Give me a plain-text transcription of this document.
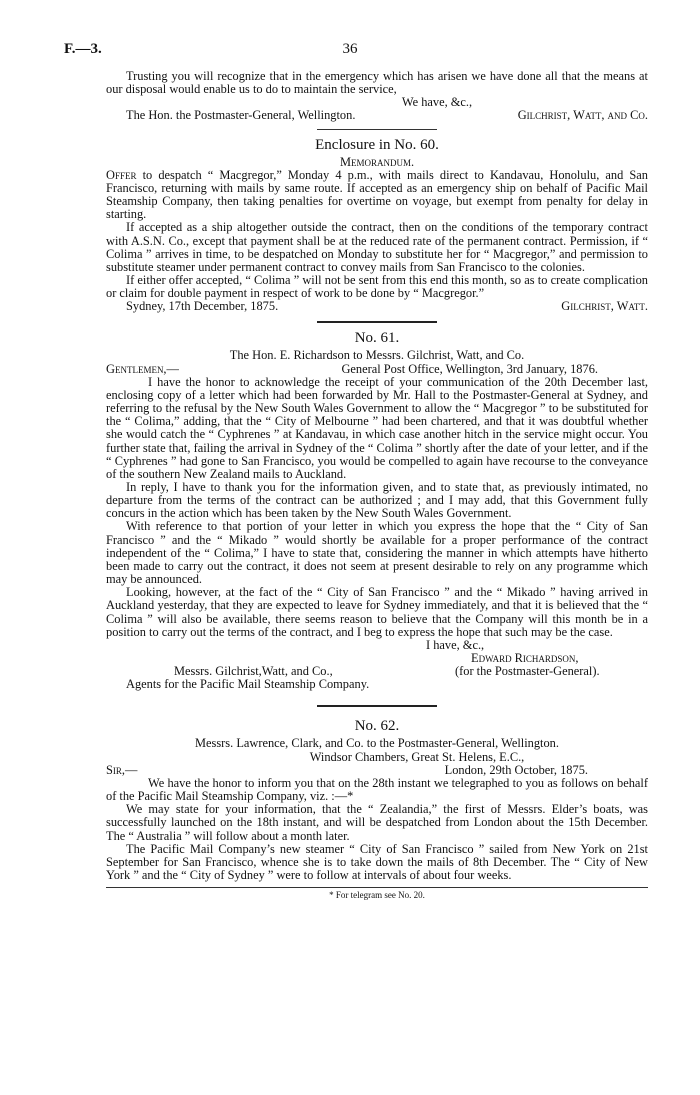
F.—3.	36

Trusting you will recognize that in the emergency which has arisen we have done all that the means at our disposal would enable us to do to maintain the service,

We have, &c.,
The Hon. the Postmaster-General, Wellington.	Gilchrist, Watt, and Co.
Enclosure in No. 60.
Memorandum.

Offer to despatch “ Macgregor,” Monday 4 p.m., with mails direct to Kandavau, Honolulu, and San Francisco, returning with mails by same route. If accepted as an emergency ship on behalf of Pacific Mail Steamship Company, then taking penalties for overtime on voyage, but exempt from penalty for delay in starting.

If accepted as a ship altogether outside the contract, then on the conditions of the temporary contract with A.S.N. Co., except that payment shall be at the reduced rate of the permanent contract. Permission, if “ Colima ” arrives in time, to be despatched on Monday to substitute her for “ Macgregor,” and permission to substitute steamer under permanent contract to convey mails from San Francisco to the colonies.

If either offer accepted, “ Colima ” will not be sent from this end this month, so as to create complication or claim for double payment in respect of work to be done by “ Macgregor.”

Sydney, 17th December, 1875.	Gilchrist, Watt.
No. 61.
The Hon. E. Richardson to Messrs. Gilchrist, Watt, and Co.
Gentlemen,—	General Post Office, Wellington, 3rd January, 1876.

I have the honor to acknowledge the receipt of your communication of the 20th December last, enclosing copy of a letter which had been forwarded by Mr. Hall to the Postmaster-General at Sydney, and referring to the refusal by the New South Wales Government to allow the “ Macgregor ” to be substituted for the “ Colima,” adding, that the “ City of Melbourne ” had been chartered, and that it was doubtful whether she would catch the “ Cyphrenes ” at Kandavau, in which case another hitch in the service might occur. You further state that, failing the arrival in Sydney of the “ Colima ” shortly after the date of your letter, and if the “ Cyphrenes ” had gone to San Francisco, you would be compelled to again have recourse to the conveyance of the southern New Zealand mails to Auckland.

In reply, I have to thank you for the information given, and to state that, as previously intimated, no departure from the terms of the contract can be authorized ; and I may add, that this Government fully concurs in the action which has been taken by the New South Wales Government.

With reference to that portion of your letter in which you express the hope that the “ City of San Francisco ” and the “ Mikado ” would shortly be available for a proper performance of the contract independent of the “ Colima,” I have to state that, considering the manner in which attempts have hitherto been made to carry out the contract, it does not seem at present desirable to rely on any programme which may be announced.

Looking, however, at the fact of the “ City of San Francisco ” and the “ Mikado ” having arrived in Auckland yesterday, that they are expected to leave for Sydney immediately, and that it is believed that the “ Colima ” will also be available, there seems reason to believe that the Company will this month be in a position to carry out the terms of the contract, and I beg to express the hope that such may be the case.

I have, &c.,
Edward Richardson,
Messrs. Gilchrist,Watt, and Co.,	(for the Postmaster-General).
Agents for the Pacific Mail Steamship Company.
No. 62.
Messrs. Lawrence, Clark, and Co. to the Postmaster-General, Wellington.
Windsor Chambers, Great St. Helens, E.C.,
Sir,—	London, 29th October, 1875.

We have the honor to inform you that on the 28th instant we telegraphed to you as follows on behalf of the Pacific Mail Steamship Company, viz. :—*

We may state for your information, that the “ Zealandia,” the first of Messrs. Elder’s boats, was successfully launched on the 18th instant, and will be despatched from London about the 15th December. The “ Australia ” will follow about a month later.

The Pacific Mail Company’s new steamer “ City of San Francisco ” sailed from New York on 21st September for San Francisco, whence she is to take down the mails of 8th December. The “ City of New York ” and the “ City of Sydney ” were to follow at intervals of about four weeks.

* For telegram see No. 20.
